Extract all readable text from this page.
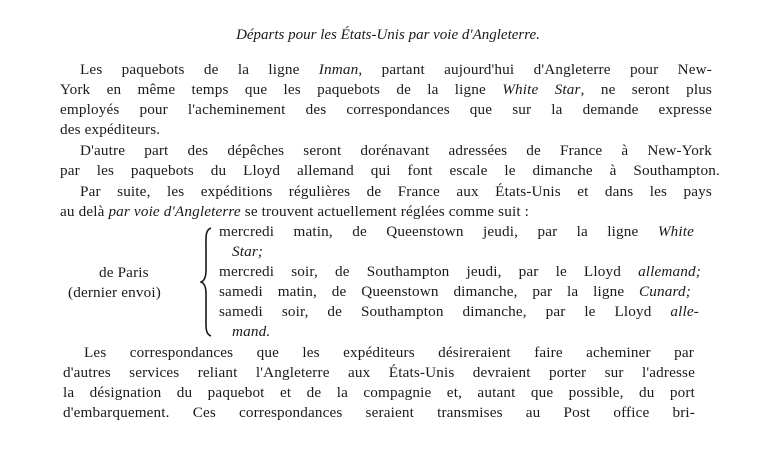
Départs pour les États-Unis par voie d'Angleterre.
Les paquebots de la ligne Inman, partant aujourd'hui d'Angleterre pour New-
York en même temps que les paquebots de la ligne White Star, ne seront plus
employés pour l'acheminement des correspondances que sur la demande expresse
des expéditeurs.
D'autre part des dépêches seront dorénavant adressées de France à New-York
par les paquebots du Lloyd allemand qui font escale le dimanche à Southampton.
Par suite, les expéditions régulières de France aux États-Unis et dans les pays
au delà par voie d'Angleterre se trouvent actuellement réglées comme suit :
de Paris
(dernier envoi)
mercredi matin, de Queenstown jeudi, par la ligne White
Star;
mercredi soir, de Southampton jeudi, par le Lloyd allemand;
samedi matin, de Queenstown dimanche, par la ligne Cunard;
samedi soir, de Southampton dimanche, par le Lloyd alle-
mand.
Les correspondances que les expéditeurs désireraient faire acheminer par
d'autres services reliant l'Angleterre aux États-Unis devraient porter sur l'adresse
la désignation du paquebot et de la compagnie et, autant que possible, du port
d'embarquement. Ces correspondances seraient transmises au Post office bri-
